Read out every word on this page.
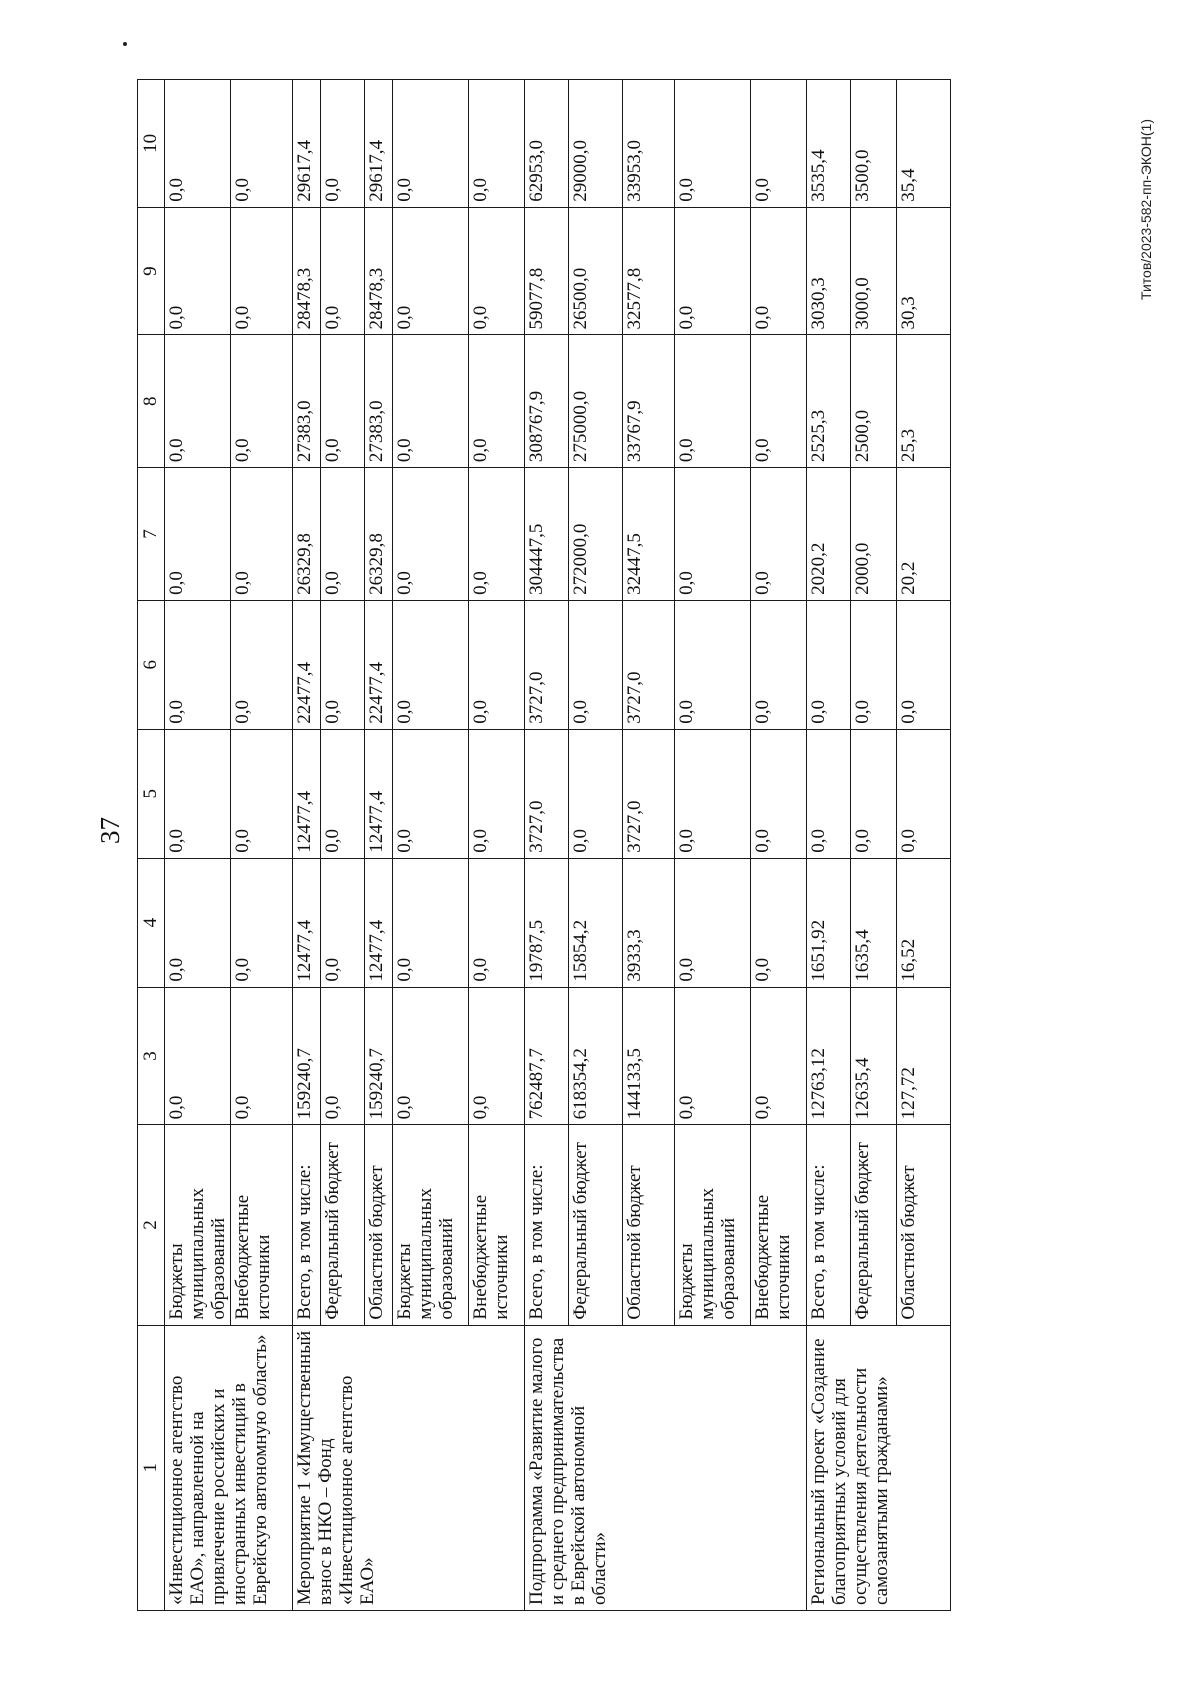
37
1	2	3	4	5	6	7	8	9	10
«Инвестиционное агентство ЕАО», направленной на привлечение российских и иностранных инвестиций в Еврейскую автономную область»	Бюджеты муниципальных образований	0,0	0,0	0,0	0,0	0,0	0,0	0,0	0,0
	Внебюджетные источники	0,0	0,0	0,0	0,0	0,0	0,0	0,0	0,0
Мероприятие 1 «Имущественный взнос в НКО – Фонд «Инвестиционное агентство ЕАО»	Всего, в том числе:	159240,7	12477,4	12477,4	22477,4	26329,8	27383,0	28478,3	29617,4
	Федеральный бюджет	0,0	0,0	0,0	0,0	0,0	0,0	0,0	0,0
	Областной бюджет	159240,7	12477,4	12477,4	22477,4	26329,8	27383,0	28478,3	29617,4
	Бюджеты муниципальных образований	0,0	0,0	0,0	0,0	0,0	0,0	0,0	0,0
	Внебюджетные источники	0,0	0,0	0,0	0,0	0,0	0,0	0,0	0,0
Подпрограмма «Развитие малого и среднего предпринимательства в Еврейской автономной области»	Всего, в том числе:	762487,7	19787,5	3727,0	3727,0	304447,5	308767,9	59077,8	62953,0
	Федеральный бюджет	618354,2	15854,2	0,0	0,0	272000,0	275000,0	26500,0	29000,0
	Областной бюджет	144133,5	3933,3	3727,0	3727,0	32447,5	33767,9	32577,8	33953,0
	Бюджеты муниципальных образований	0,0	0,0	0,0	0,0	0,0	0,0	0,0	0,0
	Внебюджетные источники	0,0	0,0	0,0	0,0	0,0	0,0	0,0	0,0
Региональный проект «Создание благоприятных условий для осуществления деятельности самозанятыми гражданами»	Всего, в том числе:	12763,12	1651,92	0,0	0,0	2020,2	2525,3	3030,3	3535,4
	Федеральный бюджет	12635,4	1635,4	0,0	0,0	2000,0	2500,0	3000,0	3500,0
	Областной бюджет	127,72	16,52	0,0	0,0	20,2	25,3	30,3	35,4	Титов/2023-582-пп-ЭКОН(1)
